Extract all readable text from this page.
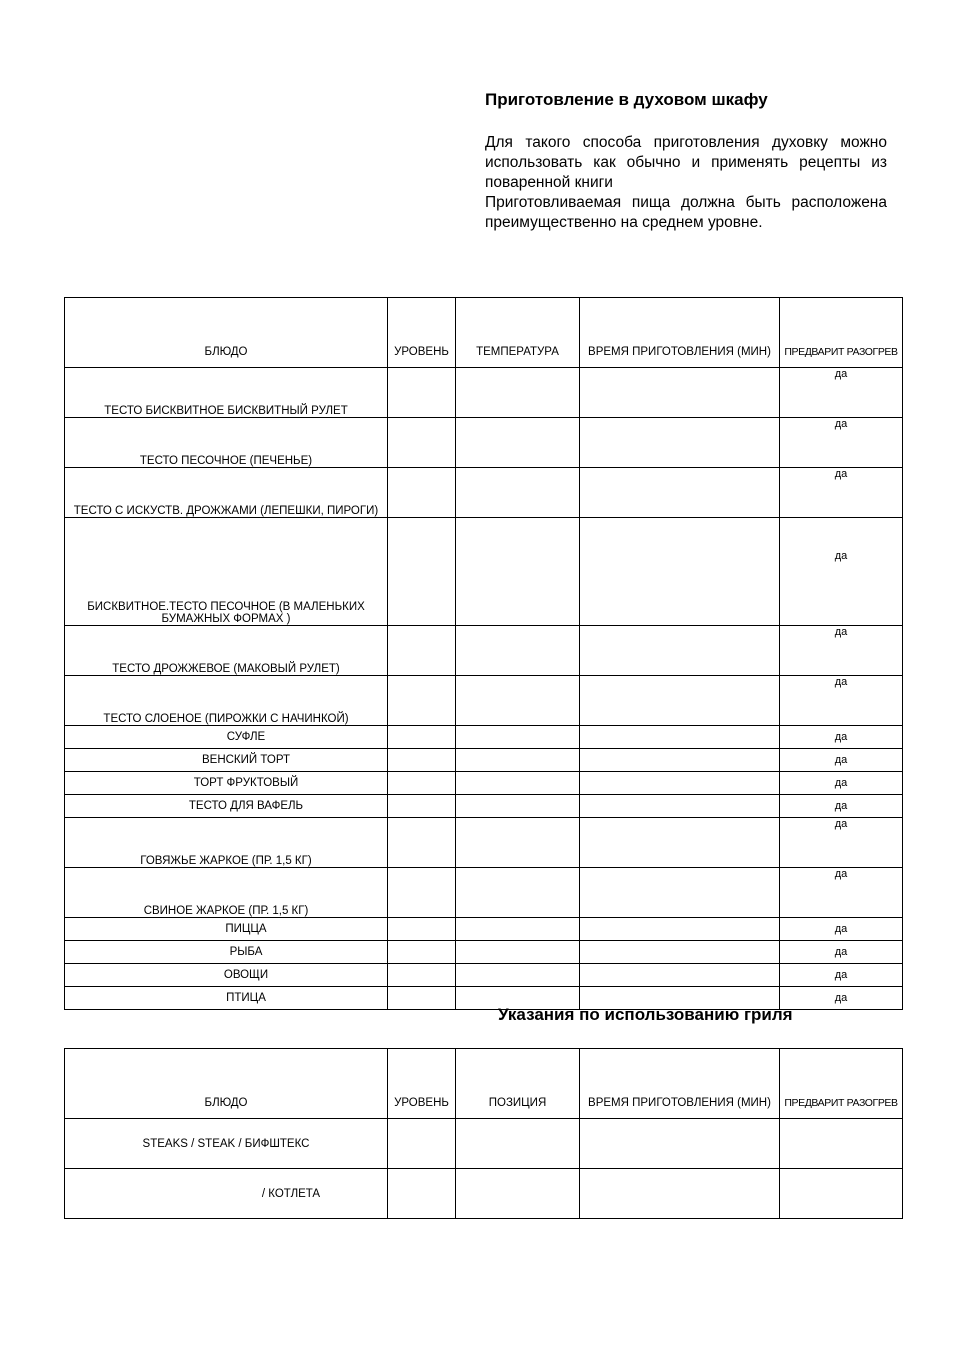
Приготовление в духовом шкафу

Для такого способа приготовления духовку можно использовать как обычно и применять рецепты из поваренной книги

Приготовливаемая пища должна быть расположена преимущественно на среднем уровне.

БЛЮДО	УРОВЕНЬ	ТЕМПЕРАТУРА	ВРЕМЯ ПРИГОТОВЛЕНИЯ (МИН)	ПРЕДВАРИТ РАЗОГРЕВ
ТЕСТО БИСКВИТНОЕ БИСКВИТНЫЙ РУЛЕТ				да
ТЕСТО ПЕСОЧНОЕ (ПЕЧЕНЬЕ)				да
ТЕСТО С ИСКУСТВ. ДРОЖЖАМИ (ЛЕПЕШКИ, ПИРОГИ)				да
БИСКВИТНОЕ.ТЕСТО ПЕСОЧНОЕ (В МАЛЕНЬКИХ БУМАЖНЫХ ФОРМАХ )				да
ТЕСТО ДРОЖЖЕВОЕ (МАКОВЫЙ РУЛЕТ)				да
ТЕСТО СЛОЕНОЕ (ПИРОЖКИ С НАЧИНКОЙ)				да
СУФЛЕ				да
ВЕНСКИЙ ТОРТ				да
ТОРТ ФРУКТОВЫЙ				да
ТЕСТО ДЛЯ ВАФЕЛЬ				да
ГОВЯЖЬЕ ЖАРКОЕ (ПР. 1,5 КГ)				да
СВИНОЕ ЖАРКОЕ (ПР. 1,5 КГ)				да
ПИЦЦА				да
РЫБА				да
ОВОЩИ				да
ПТИЦА				да
Указания по использованию гриля
БЛЮДО	УРОВЕНЬ	ПОЗИЦИЯ	ВРЕМЯ ПРИГОТОВЛЕНИЯ (МИН)	ПРЕДВАРИТ РАЗОГРЕВ
STEAKS / STEAK / БИФШТЕКС				
/ КОТЛЕТА				
